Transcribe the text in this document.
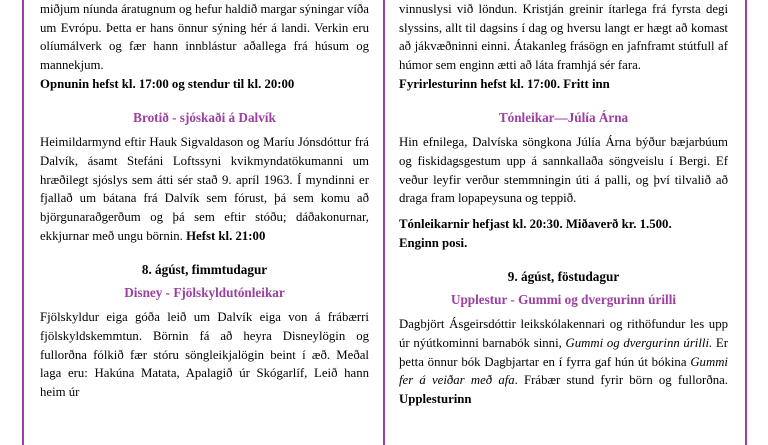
miðjum níunda áratugnum og hefur haldið margar sýningar víða um Evrópu. Þetta er hans önnur sýning hér á landi. Verkin eru olíumálverk og fær hann innblástur aðallega frá húsum og mannekjum.

Opnunin hefst kl. 17:00 og stendur til kl. 20:00

Brotið - sjóskaði á Dalvík

Heimildarmynd eftir Hauk Sigvaldason og Maríu Jónsdóttur frá Dalvík, ásamt Stefáni Loftssyni kvikmyndatökumanni um hræðilegt sjóslys sem átti sér stað 9. apríl 1963. Í myndinni er fjallað um bátana frá Dalvík sem fórust, þá sem komu að björgunaraðgerðum og þá sem eftir stóðu; dáðakonurnar, ekkjurnar með ungu börnin. Hefst kl. 21:00

8. ágúst, fimmtudagur
Disney - Fjölskyldutónleikar

Fjölskyldur eiga góða leið um Dalvík eiga von á frábærri fjölskyldskemmtun. Börnin fá að heyra Disneylögin og fullorðna fólkið fær stóru söngleikjalögin beint í æð. Meðal laga eru: Hakúna Matata, Apalagið úr Skógarlíf, Leið hann heim úr

vinnuslysi við löndun. Kristján greinir ítarlega frá fyrsta degi slyssins, allt til dagsins í dag og hversu langt er hægt að komast að jákvæðninni einni. Átakanleg frásögn en jafnframt stútfull af húmor sem enginn ætti að láta framhjá sér fara.

Fyrirlesturinn hefst kl. 17:00. Fritt inn

Tónleikar—Júlía Árna

Hin efnilega, Dalvíska söngkona Júlía Árna býður bæjarbúum og fiskidagsgestum upp á sannkallaða söngveislu í Bergi. Ef veður leyfir verður stemmningin úti á palli, og því tilvalið að draga fram lopapeysuna og teppið.

Tónleikarnir hefjast kl. 20:30. Miðaverð kr. 1.500.

Enginn posi.

9. ágúst, föstudagur
Upplestur - Gummi og dvergurinn úrilli

Dagbjört Ásgeirsdóttir leikskólakennari og rithöfundur les upp úr nýútkominni barnabók sinni, Gummi og dvergurinn úrilli. Er þetta önnur bók Dagbjartar en í fyrra gaf hún út bókina Gummi fer á veiðar með afa. Frábær stund fyrir börn og fullorðna. Upplesturinn
